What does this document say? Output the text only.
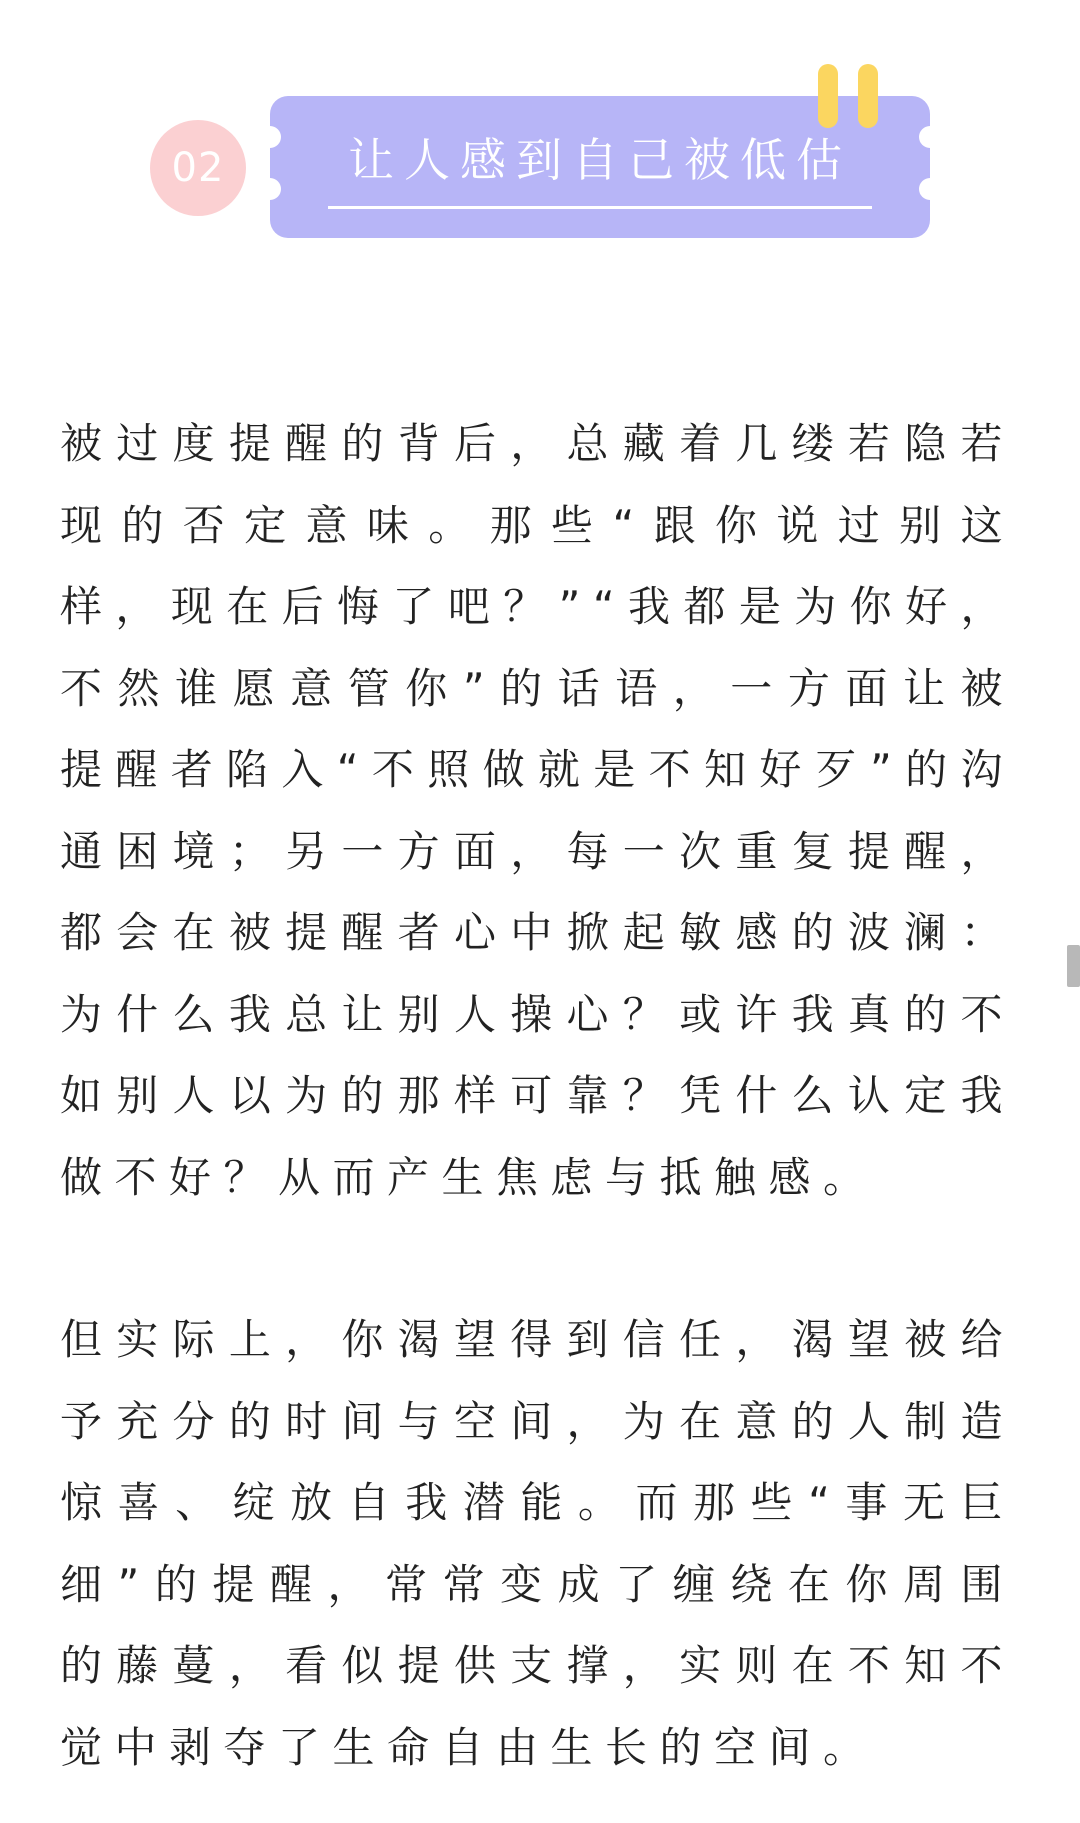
02	让人感到自己被低估

被过度提醒的背后，总藏着几缕若隐若现的否定意味。那些“跟你说过别这样，现在后悔了吧？”“我都是为你好，不然谁愿意管你”的话语，一方面让被提醒者陷入“不照做就是不知好歹”的沟通困境；另一方面，每一次重复提醒，都会在被提醒者心中掀起敏感的波澜：为什么我总让别人操心？或许我真的不如别人以为的那样可靠？凭什么认定我做不好？从而产生焦虑与抵触感。

但实际上，你渴望得到信任，渴望被给予充分的时间与空间，为在意的人制造惊喜、绽放自我潜能。而那些“事无巨细”的提醒，常常变成了缠绕在你周围的藤蔓，看似提供支撑，实则在不知不觉中剥夺了生命自由生长的空间。
